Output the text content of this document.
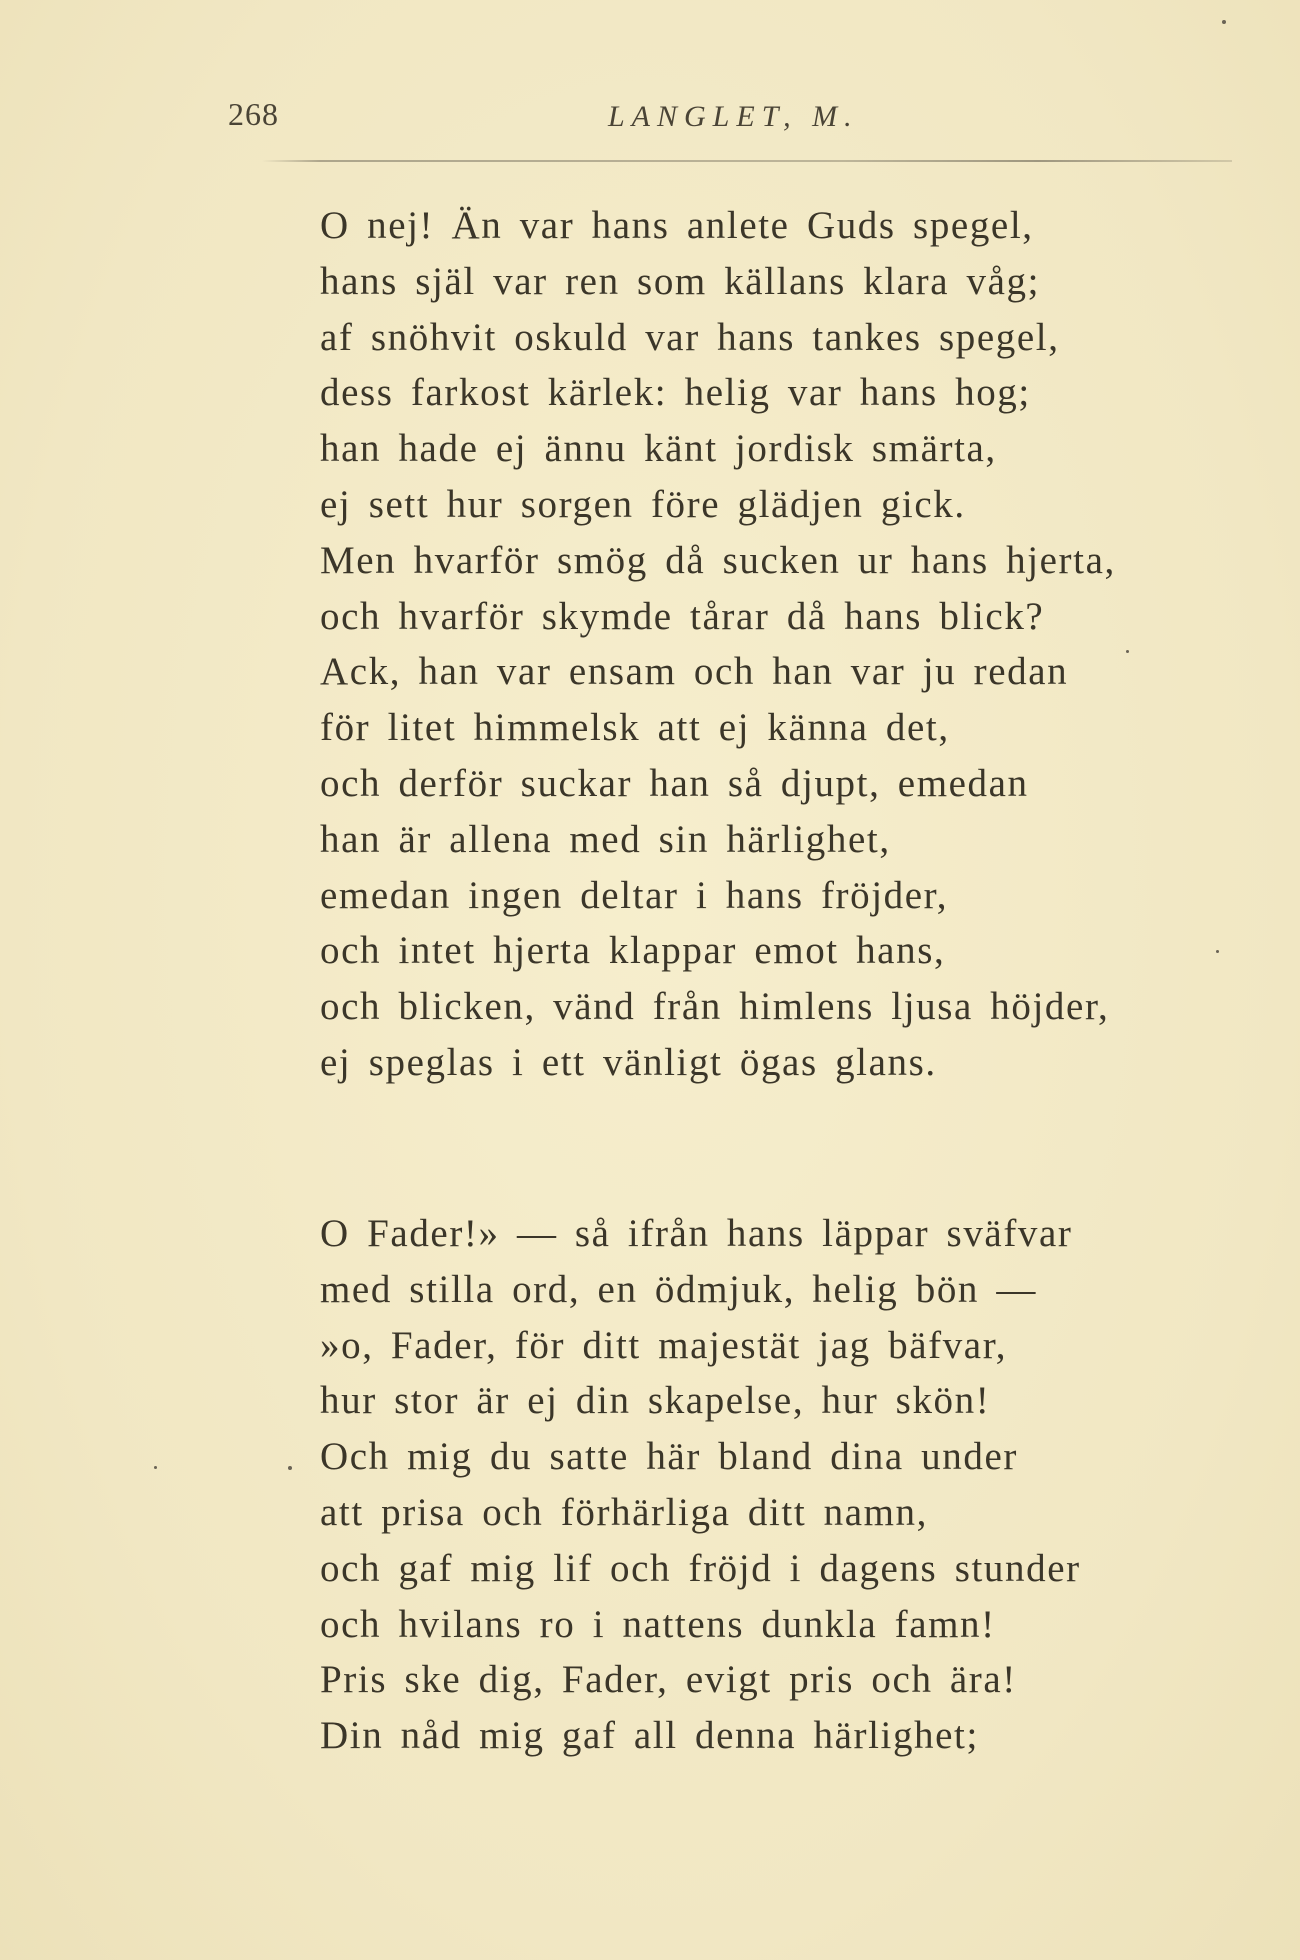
268	LANGLET, M.
O nej! Än var hans anlete Guds spegel,
hans själ var ren som källans klara våg;
af snöhvit oskuld var hans tankes spegel,
dess farkost kärlek: helig var hans hog;
han hade ej ännu känt jordisk smärta,
ej sett hur sorgen före glädjen gick.
Men hvarför smög då sucken ur hans hjerta,
och hvarför skymde tårar då hans blick?
Ack, han var ensam och han var ju redan
för litet himmelsk att ej känna det,
och derför suckar han så djupt, emedan
han är allena med sin härlighet,
emedan ingen deltar i hans fröjder,
och intet hjerta klappar emot hans,
och blicken, vänd från himlens ljusa höjder,
ej speglas i ett vänligt ögas glans.
O Fader!» — så ifrån hans läppar sväfvar
med stilla ord, en ödmjuk, helig bön —
»o, Fader, för ditt majestät jag bäfvar,
hur stor är ej din skapelse, hur skön!
Och mig du satte här bland dina under
att prisa och förhärliga ditt namn,
och gaf mig lif och fröjd i dagens stunder
och hvilans ro i nattens dunkla famn!
Pris ske dig, Fader, evigt pris och ära!
Din nåd mig gaf all denna härlighet;
